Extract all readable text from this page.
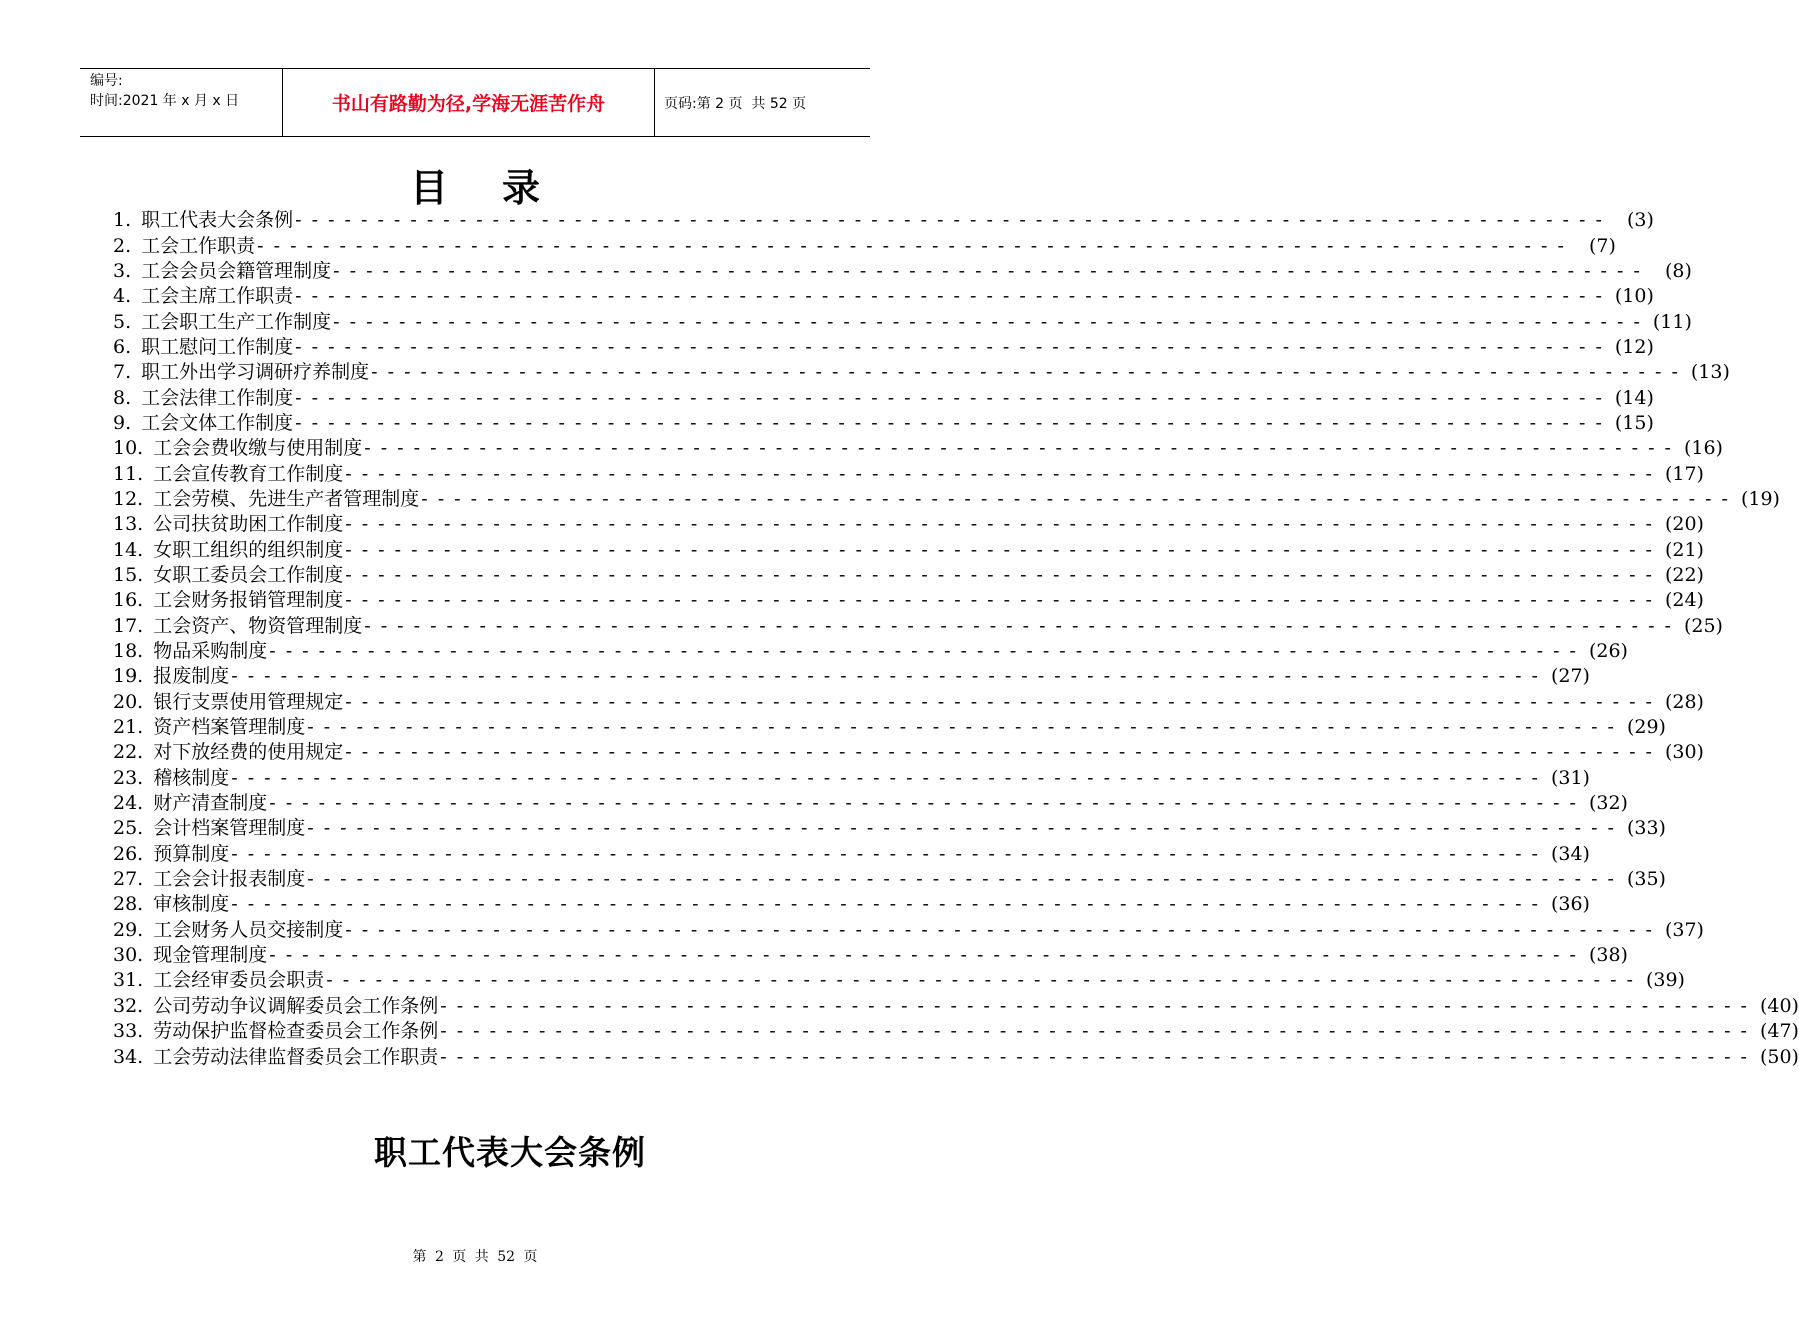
编号:
时间:2021 年 x 月 x 日	书山有路勤为径,学海无涯苦作舟	页码:第 2 页  共 52 页
目录
1. 职工代表大会条例 - - - - - - - - - - - - - - - - - - - - - - - - - - - - - - - - - - - - - - - - - - - - - - - - - - - - - - - - - - - - - - - - - - - - - - - - - - - - - - - -	(3)
2. 工会工作职责 - - - - - - - - - - - - - - - - - - - - - - - - - - - - - - - - - - - - - - - - - - - - - - - - - - - - - - - - - - - - - - - - - - - - - - - - - - - - - - - -	(7)
3. 工会会员会籍管理制度 - - - - - - - - - - - - - - - - - - - - - - - - - - - - - - - - - - - - - - - - - - - - - - - - - - - - - - - - - - - - - - - - - - - - - - - - - - - - - - - -	(8)
4. 工会主席工作职责 - - - - - - - - - - - - - - - - - - - - - - - - - - - - - - - - - - - - - - - - - - - - - - - - - - - - - - - - - - - - - - - - - - - - - - - - - - - - - - - - (10)
5. 工会职工生产工作制度 - - - - - - - - - - - - - - - - - - - - - - - - - - - - - - - - - - - - - - - - - - - - - - - - - - - - - - - - - - - - - - - - - - - - - - - - - - - - - - - - (11)
6. 职工慰问工作制度 - - - - - - - - - - - - - - - - - - - - - - - - - - - - - - - - - - - - - - - - - - - - - - - - - - - - - - - - - - - - - - - - - - - - - - - - - - - - - - - - (12)
7. 职工外出学习调研疗养制度 - - - - - - - - - - - - - - - - - - - - - - - - - - - - - - - - - - - - - - - - - - - - - - - - - - - - - - - - - - - - - - - - - - - - - - - - - - - - - - - - (13)
8. 工会法律工作制度 - - - - - - - - - - - - - - - - - - - - - - - - - - - - - - - - - - - - - - - - - - - - - - - - - - - - - - - - - - - - - - - - - - - - - - - - - - - - - - - - (14)
9. 工会文体工作制度 - - - - - - - - - - - - - - - - - - - - - - - - - - - - - - - - - - - - - - - - - - - - - - - - - - - - - - - - - - - - - - - - - - - - - - - - - - - - - - - - (15)
10. 工会会费收缴与使用制度 - - - - - - - - - - - - - - - - - - - - - - - - - - - - - - - - - - - - - - - - - - - - - - - - - - - - - - - - - - - - - - - - - - - - - - - - - - - - - - - - (16)
11. 工会宣传教育工作制度 - - - - - - - - - - - - - - - - - - - - - - - - - - - - - - - - - - - - - - - - - - - - - - - - - - - - - - - - - - - - - - - - - - - - - - - - - - - - - - - - (17)
12. 工会劳模、先进生产者管理制度 - - - - - - - - - - - - - - - - - - - - - - - - - - - - - - - - - - - - - - - - - - - - - - - - - - - - - - - - - - - - - - - - - - - - - - - - - - - - - - - - (19)
13. 公司扶贫助困工作制度 - - - - - - - - - - - - - - - - - - - - - - - - - - - - - - - - - - - - - - - - - - - - - - - - - - - - - - - - - - - - - - - - - - - - - - - - - - - - - - - - (20)
14. 女职工组织的组织制度 - - - - - - - - - - - - - - - - - - - - - - - - - - - - - - - - - - - - - - - - - - - - - - - - - - - - - - - - - - - - - - - - - - - - - - - - - - - - - - - - (21)
15. 女职工委员会工作制度 - - - - - - - - - - - - - - - - - - - - - - - - - - - - - - - - - - - - - - - - - - - - - - - - - - - - - - - - - - - - - - - - - - - - - - - - - - - - - - - - (22)
16. 工会财务报销管理制度 - - - - - - - - - - - - - - - - - - - - - - - - - - - - - - - - - - - - - - - - - - - - - - - - - - - - - - - - - - - - - - - - - - - - - - - - - - - - - - - - (24)
17. 工会资产、物资管理制度 - - - - - - - - - - - - - - - - - - - - - - - - - - - - - - - - - - - - - - - - - - - - - - - - - - - - - - - - - - - - - - - - - - - - - - - - - - - - - - - - (25)
18. 物品采购制度 - - - - - - - - - - - - - - - - - - - - - - - - - - - - - - - - - - - - - - - - - - - - - - - - - - - - - - - - - - - - - - - - - - - - - - - - - - - - - - - - (26)
19. 报废制度 - - - - - - - - - - - - - - - - - - - - - - - - - - - - - - - - - - - - - - - - - - - - - - - - - - - - - - - - - - - - - - - - - - - - - - - - - - - - - - - - (27)
20. 银行支票使用管理规定 - - - - - - - - - - - - - - - - - - - - - - - - - - - - - - - - - - - - - - - - - - - - - - - - - - - - - - - - - - - - - - - - - - - - - - - - - - - - - - - - (28)
21. 资产档案管理制度 - - - - - - - - - - - - - - - - - - - - - - - - - - - - - - - - - - - - - - - - - - - - - - - - - - - - - - - - - - - - - - - - - - - - - - - - - - - - - - - - (29)
22. 对下放经费的使用规定 - - - - - - - - - - - - - - - - - - - - - - - - - - - - - - - - - - - - - - - - - - - - - - - - - - - - - - - - - - - - - - - - - - - - - - - - - - - - - - - - (30)
23. 稽核制度 - - - - - - - - - - - - - - - - - - - - - - - - - - - - - - - - - - - - - - - - - - - - - - - - - - - - - - - - - - - - - - - - - - - - - - - - - - - - - - - - (31)
24. 财产清查制度 - - - - - - - - - - - - - - - - - - - - - - - - - - - - - - - - - - - - - - - - - - - - - - - - - - - - - - - - - - - - - - - - - - - - - - - - - - - - - - - - (32)
25. 会计档案管理制度 - - - - - - - - - - - - - - - - - - - - - - - - - - - - - - - - - - - - - - - - - - - - - - - - - - - - - - - - - - - - - - - - - - - - - - - - - - - - - - - - (33)
26. 预算制度 - - - - - - - - - - - - - - - - - - - - - - - - - - - - - - - - - - - - - - - - - - - - - - - - - - - - - - - - - - - - - - - - - - - - - - - - - - - - - - - - (34)
27. 工会会计报表制度 - - - - - - - - - - - - - - - - - - - - - - - - - - - - - - - - - - - - - - - - - - - - - - - - - - - - - - - - - - - - - - - - - - - - - - - - - - - - - - - - (35)
28. 审核制度 - - - - - - - - - - - - - - - - - - - - - - - - - - - - - - - - - - - - - - - - - - - - - - - - - - - - - - - - - - - - - - - - - - - - - - - - - - - - - - - - (36)
29. 工会财务人员交接制度 - - - - - - - - - - - - - - - - - - - - - - - - - - - - - - - - - - - - - - - - - - - - - - - - - - - - - - - - - - - - - - - - - - - - - - - - - - - - - - - - (37)
30. 现金管理制度 - - - - - - - - - - - - - - - - - - - - - - - - - - - - - - - - - - - - - - - - - - - - - - - - - - - - - - - - - - - - - - - - - - - - - - - - - - - - - - - - (38)
31. 工会经审委员会职责 - - - - - - - - - - - - - - - - - - - - - - - - - - - - - - - - - - - - - - - - - - - - - - - - - - - - - - - - - - - - - - - - - - - - - - - - - - - - - - - - (39)
32. 公司劳动争议调解委员会工作条例 - - - - - - - - - - - - - - - - - - - - - - - - - - - - - - - - - - - - - - - - - - - - - - - - - - - - - - - - - - - - - - - - - - - - - - - - - - - - - - - - (40)
33. 劳动保护监督检查委员会工作条例 - - - - - - - - - - - - - - - - - - - - - - - - - - - - - - - - - - - - - - - - - - - - - - - - - - - - - - - - - - - - - - - - - - - - - - - - - - - - - - - - (47)
34. 工会劳动法律监督委员会工作职责 - - - - - - - - - - - - - - - - - - - - - - - - - - - - - - - - - - - - - - - - - - - - - - - - - - - - - - - - - - - - - - - - - - - - - - - - - - - - - - - - (50)
职工代表大会条例
第 2 页 共 52 页
